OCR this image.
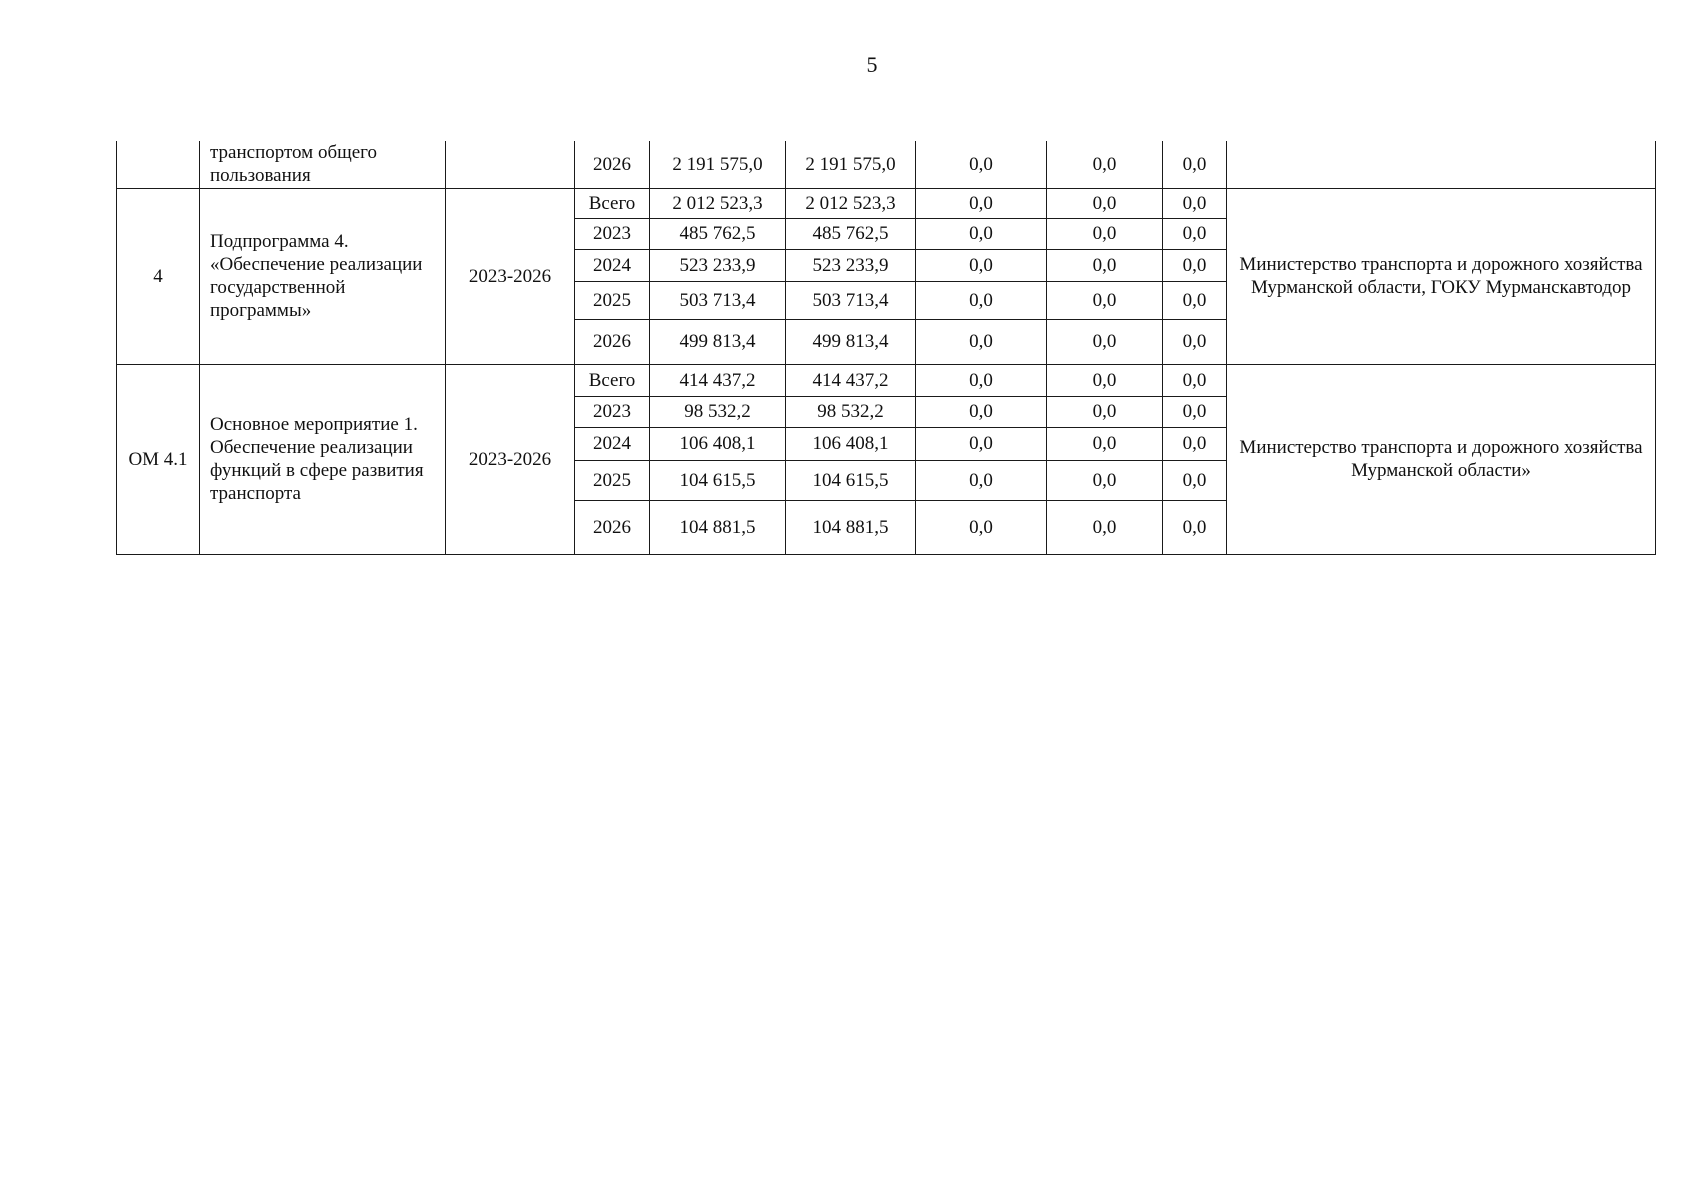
5
	транспортом общего пользования		2026	2 191 575,0	2 191 575,0	0,0	0,0	0,0	
4	Подпрограмма 4. «Обеспечение реализации государственной программы»	2023-2026	Всего	2 012 523,3	2 012 523,3	0,0	0,0	0,0	Министерство транспорта и дорожного хозяйства Мурманской области, ГОКУ Мурманскавтодор
			2023	485 762,5	485 762,5	0,0	0,0	0,0	
			2024	523 233,9	523 233,9	0,0	0,0	0,0	
			2025	503 713,4	503 713,4	0,0	0,0	0,0	
			2026	499 813,4	499 813,4	0,0	0,0	0,0	
ОМ 4.1	Основное мероприятие 1. Обеспечение реализации функций в сфере развития транспорта	2023-2026	Всего	414 437,2	414 437,2	0,0	0,0	0,0	Министерство транспорта и дорожного хозяйства Мурманской области»
			2023	98 532,2	98 532,2	0,0	0,0	0,0	
			2024	106 408,1	106 408,1	0,0	0,0	0,0	
			2025	104 615,5	104 615,5	0,0	0,0	0,0	
			2026	104 881,5	104 881,5	0,0	0,0	0,0	
